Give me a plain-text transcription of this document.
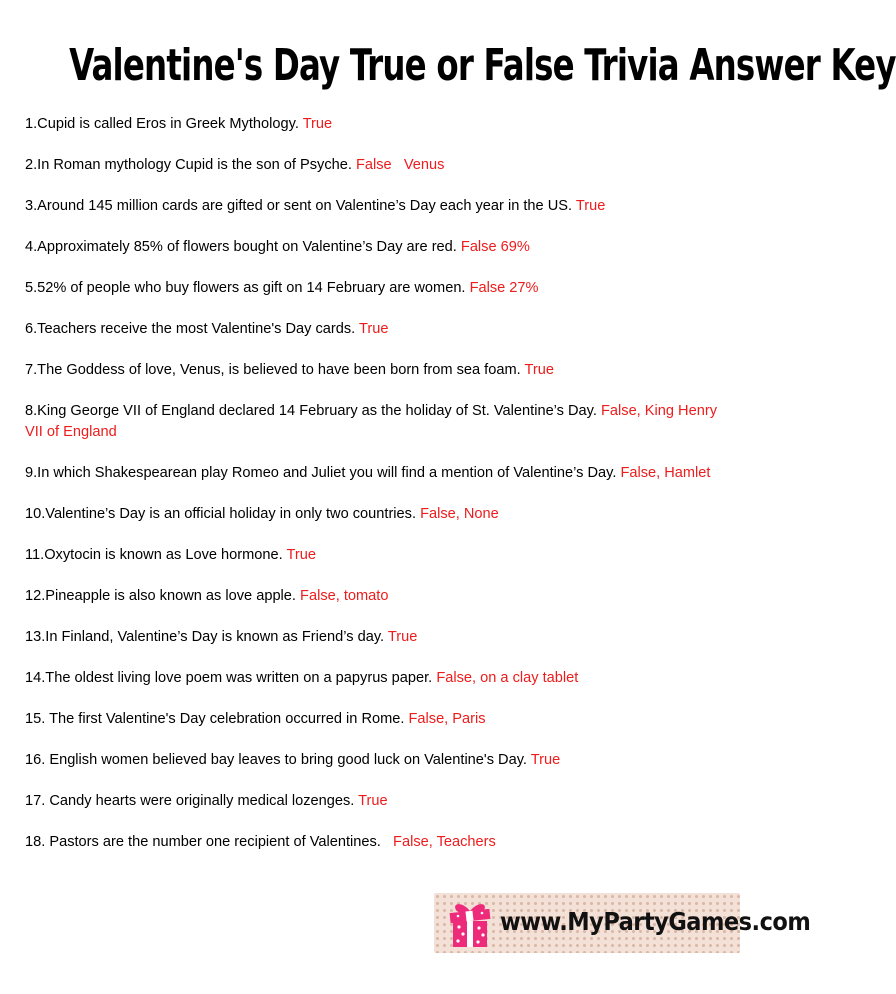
Valentine's Day True or False Trivia Answer Key
1.Cupid is called Eros in Greek Mythology. True
2.In Roman mythology Cupid is the son of Psyche. False   Venus
3.Around 145 million cards are gifted or sent on Valentine’s Day each year in the US. True
4.Approximately 85% of flowers bought on Valentine’s Day are red. False 69%
5.52% of people who buy flowers as gift on 14 February are women. False 27%
6.Teachers receive the most Valentine's Day cards. True
7.The Goddess of love, Venus, is believed to have been born from sea foam. True
8.King George VII of England declared 14 February as the holiday of St. Valentine’s Day. False, King Henry VII of England
9.In which Shakespearean play Romeo and Juliet you will find a mention of Valentine’s Day. False, Hamlet
10.Valentine’s Day is an official holiday in only two countries. False, None
11.Oxytocin is known as Love hormone. True
12.Pineapple is also known as love apple. False, tomato
13.In Finland, Valentine’s Day is known as Friend’s day. True
14.The oldest living love poem was written on a papyrus paper. False, on a clay tablet
15. The first Valentine's Day celebration occurred in Rome. False, Paris
16. English women believed bay leaves to bring good luck on Valentine's Day. True
17. Candy hearts were originally medical lozenges. True
18. Pastors are the number one recipient of Valentines.   False, Teachers
www.MyPartyGames.com
